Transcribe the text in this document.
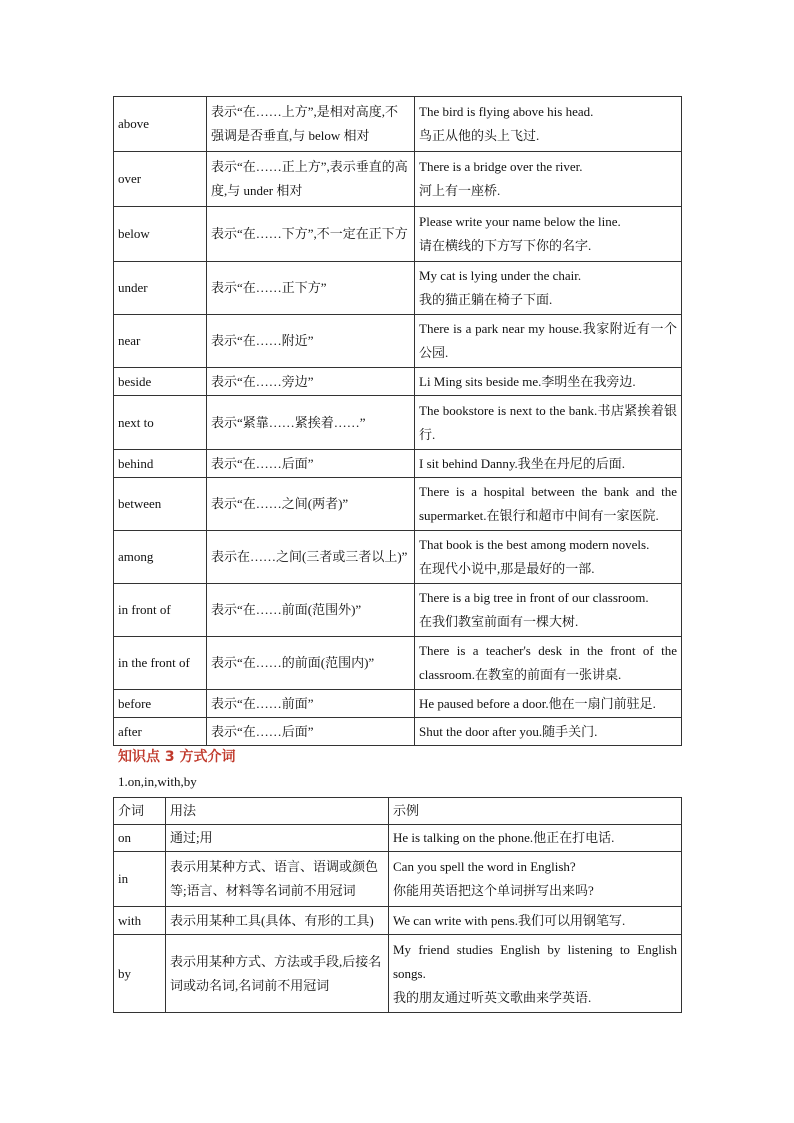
above	表示“在……上方”,是相对高度,不强调是否垂直,与 below 相对	The bird is flying above his head.
鸟正从他的头上飞过.

over	表示“在……正上方”,表示垂直的高度,与 under 相对	There is a bridge over the river.
河上有一座桥.

below	表示“在……下方”,不一定在正下方	Please write your name below the line.
请在横线的下方写下你的名字.

under	表示“在……正下方”	My cat is lying under the chair.
我的猫正躺在椅子下面.

near	表示“在……附近”	There is a park near my house.我家附近有一个公园.
beside	表示“在……旁边”	Li Ming sits beside me.李明坐在我旁边.
next to	表示“紧靠……紧挨着……”	The bookstore is next to the bank.书店紧挨着银行.
behind	表示“在……后面”	I sit behind Danny.我坐在丹尼的后面.
between	表示“在……之间(两者)”	There is a hospital between the bank and the supermarket.在银行和超市中间有一家医院.
among	表示在……之间(三者或三者以上)”	That book is the best among modern novels.
在现代小说中,那是最好的一部.

in front of	表示“在……前面(范围外)”	There is a big tree in front of our classroom.
在我们教室前面有一棵大树.

in the front of	表示“在……的前面(范围内)”	There is a teacher's desk in the front of the classroom.在教室的前面有一张讲桌.
before	表示“在……前面”	He paused before a door.他在一扇门前驻足.
after	表示“在……后面”	Shut the door after you.随手关门.

知识点 3 方式介词

1.on,in,with,by

介词	用法	示例
on	通过;用	He is talking on the phone.他正在打电话.
in	表示用某种方式、语言、语调或颜色等;语言、材料等名词前不用冠词	Can you spell the word in English?
你能用英语把这个单词拼写出来吗?

with	表示用某种工具(具体、有形的工具)	We can write with pens.我们可以用钢笔写.
by	表示用某种方式、方法或手段,后接名词或动名词,名词前不用冠词	My friend studies English by listening to English songs.
我的朋友通过听英文歌曲来学英语.
